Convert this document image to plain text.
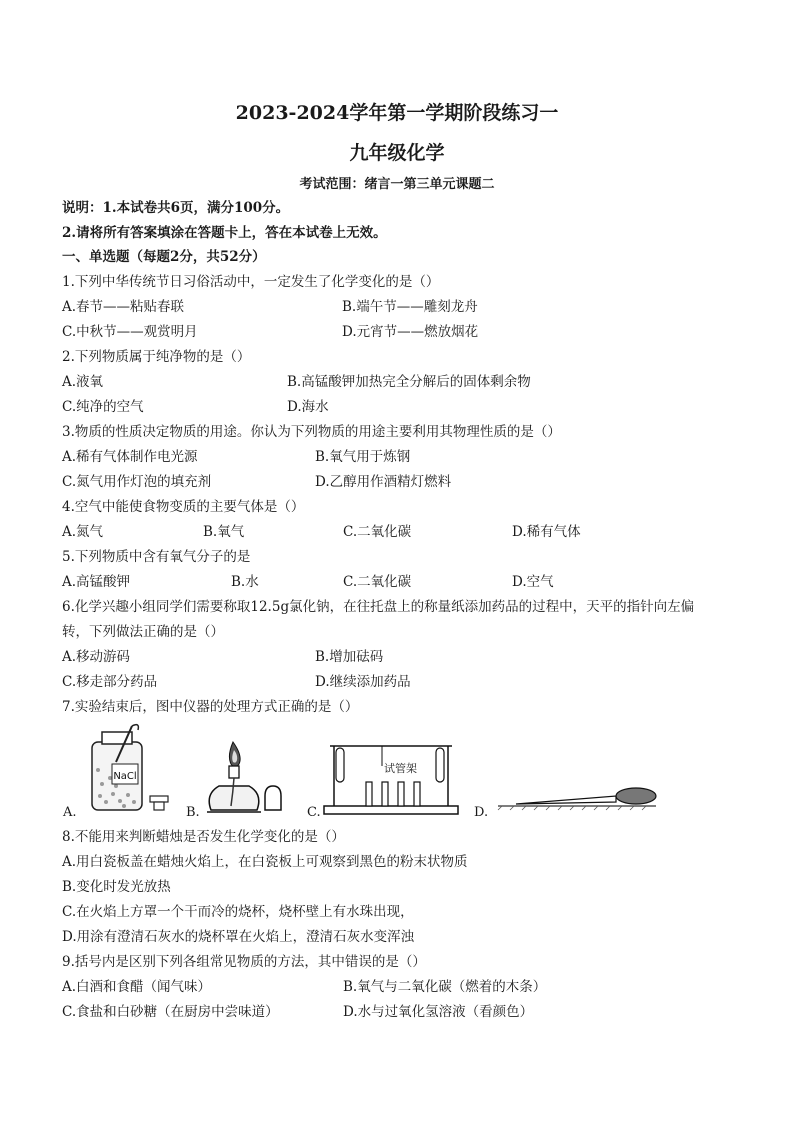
2023-2024学年第一学期阶段练习一
九年级化学
考试范围：绪言一第三单元课题二
说明：1.本试卷共6页，满分100分。
2.请将所有答案填涂在答题卡上，答在本试卷上无效。
一、单选题（每题2分，共52分）
1.下列中华传统节日习俗活动中，一定发生了化学变化的是（）
A.春节——粘贴春联	B.端午节——雕刻龙舟
C.中秋节——观赏明月	D.元宵节——燃放烟花
2.下列物质属于纯净物的是（）
A.液氧	B.高锰酸钾加热完全分解后的固体剩余物
C.纯净的空气	D.海水
3.物质的性质决定物质的用途。你认为下列物质的用途主要利用其物理性质的是（）
A.稀有气体制作电光源	B.氧气用于炼钢
C.氮气用作灯泡的填充剂	D.乙醇用作酒精灯燃料
4.空气中能使食物变质的主要气体是（）
A.氮气	B.氧气	C.二氧化碳	D.稀有气体
5.下列物质中含有氧气分子的是
A.高锰酸钾	B.水	C.二氧化碳	D.空气
6.化学兴趣小组同学们需要称取12.5g氯化钠，在往托盘上的称量纸添加药品的过程中，天平的指针向左偏
转，下列做法正确的是（）
A.移动游码	B.增加砝码
C.移走部分药品	D.继续添加药品
7.实验结束后，图中仪器的处理方式正确的是（）
NaCl
A.	B.
试管架
C.	D.
8.不能用来判断蜡烛是否发生化学变化的是（）
A.用白瓷板盖在蜡烛火焰上，在白瓷板上可观察到黑色的粉末状物质
B.变化时发光放热
C.在火焰上方罩一个干而冷的烧杯，烧杯壁上有水珠出现，
D.用涂有澄清石灰水的烧杯罩在火焰上，澄清石灰水变浑浊
9.括号内是区别下列各组常见物质的方法，其中错误的是（）
A.白酒和食醋（闻气味）	B.氧气与二氧化碳（燃着的木条）
C.食盐和白砂糖（在厨房中尝味道）	D.水与过氧化氢溶液（看颜色）
